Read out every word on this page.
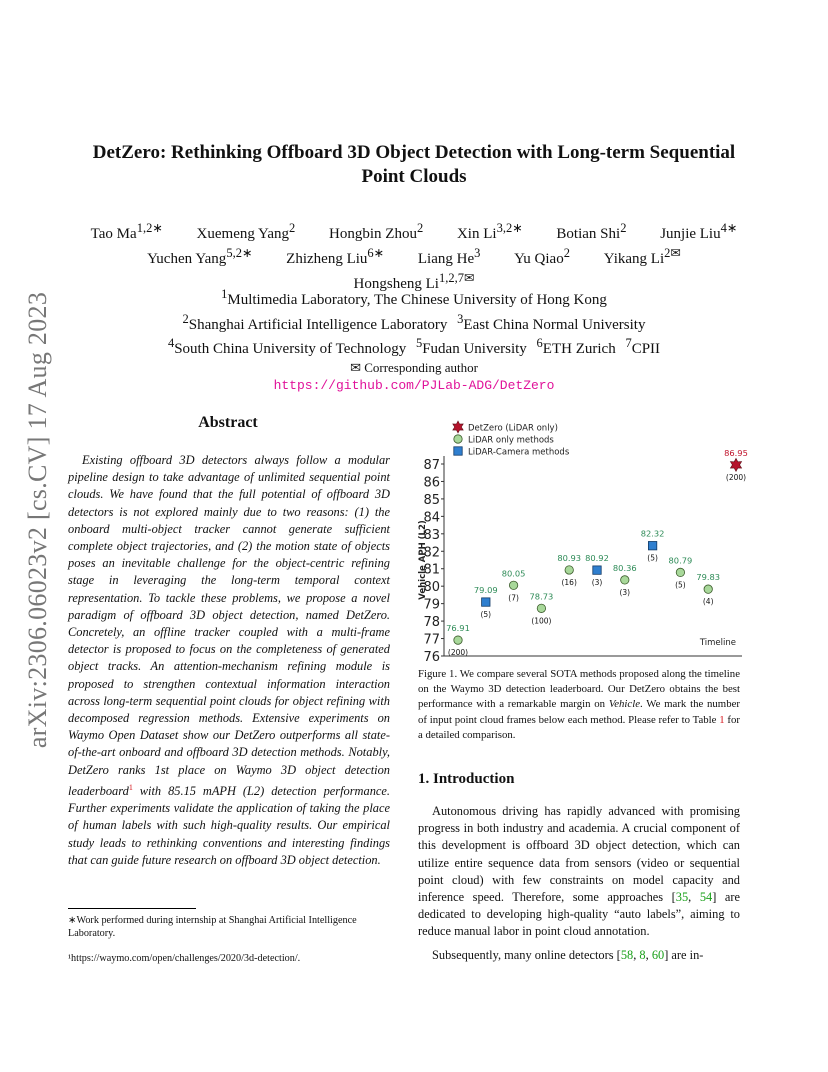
arXiv:2306.06023v2 [cs.CV] 17 Aug 2023
DetZero: Rethinking Offboard 3D Object Detection with Long-term Sequential
Point Clouds
Tao $Ma^{1,2∗}$ Xuemeng Yang$^2$ Hongbin Zhou$^2$ Xin $Li^{3,2∗}$ Botian Shi$^2$ Junjie Liu$^{4∗}$
Yuchen Yang$^{5,2∗}$ Zhizheng Liu$^{6∗}$ Liang He$^3$ Yu Qiao$^2$ Yikang $Li^{2✉}$
Hongsheng $Li^{1,2,7✉}$
$^1$Multimedia Laboratory, The Chinese University of Hong Kong
$^2$Shanghai Artificial Intelligence Laboratory $^3$East China Normal University
$^4$South China University of Technology $^5$Fudan University $^6$ETH Zurich $^7$CPII
✉ Corresponding author
https://github.com/PJLab-ADG/DetZero
Abstract
Existing offboard 3D detectors always follow a modular pipeline design to take advantage of unlimited sequential point clouds. We have found that the full potential of offboard 3D detectors is not explored mainly due to two reasons: (1) the onboard multi-object tracker cannot generate sufficient complete object trajectories, and (2) the motion state of objects poses an inevitable challenge for the object-centric refining stage in leveraging the long-term temporal context representation. To tackle these problems, we propose a novel paradigm of offboard 3D object detection, named DetZero. Concretely, an offline tracker coupled with a multi-frame detector is proposed to focus on the completeness of generated object tracks. An attention-mechanism refining module is proposed to strengthen contextual information interaction across long-term sequential point clouds for object refining with decomposed regression methods. Extensive experiments on Waymo Open Dataset show our DetZero outperforms all state-of-the-art onboard and offboard 3D detection methods. Notably, DetZero ranks 1st place on Waymo 3D object detection leaderboard$^1$ with 85.15 mAPH (L2) detection performance. Further experiments validate the application of taking the place of human labels with such high-quality results. Our empirical study leads to rethinking conventions and interesting findings that can guide future research on offboard 3D object detection.
∗Work performed during internship at Shanghai Artificial Intelligence Laboratory.
¹https://waymo.com/open/challenges/2020/3d-detection/.
76
77
78
79
80
81
82
83
84
85
86
87
Vehicle APH (L2)
Timeline
DetZero (LiDAR only)
LiDAR only methods
LiDAR-Camera methods
76.91
(200)
79.09
(5)
80.05
(7) 78.73
(100)
80.93
(16)
80.92
(3)
80.36
(3)
82.32
(5) 80.79
(5)
79.83
(4)
86.95
(200)
Figure 1. We compare several SOTA methods proposed along the timeline on the Waymo 3D detection leaderboard. Our DetZero obtains the best performance with a remarkable margin on Vehicle. We mark the number of input point cloud frames below each method. Please refer to Table 1 for a detailed comparison.
1. Introduction

Autonomous driving has rapidly advanced with promising progress in both industry and academia. A crucial component of this development is offboard 3D object detection, which can utilize entire sequence data from sensors (video or sequential point cloud) with few constraints on model capacity and inference speed. Therefore, some approaches [35, 54] are dedicated to developing high-quality “auto labels”, aiming to reduce manual labor in point cloud annotation.

Subsequently, many online detectors [58, 8, 60] are in-
